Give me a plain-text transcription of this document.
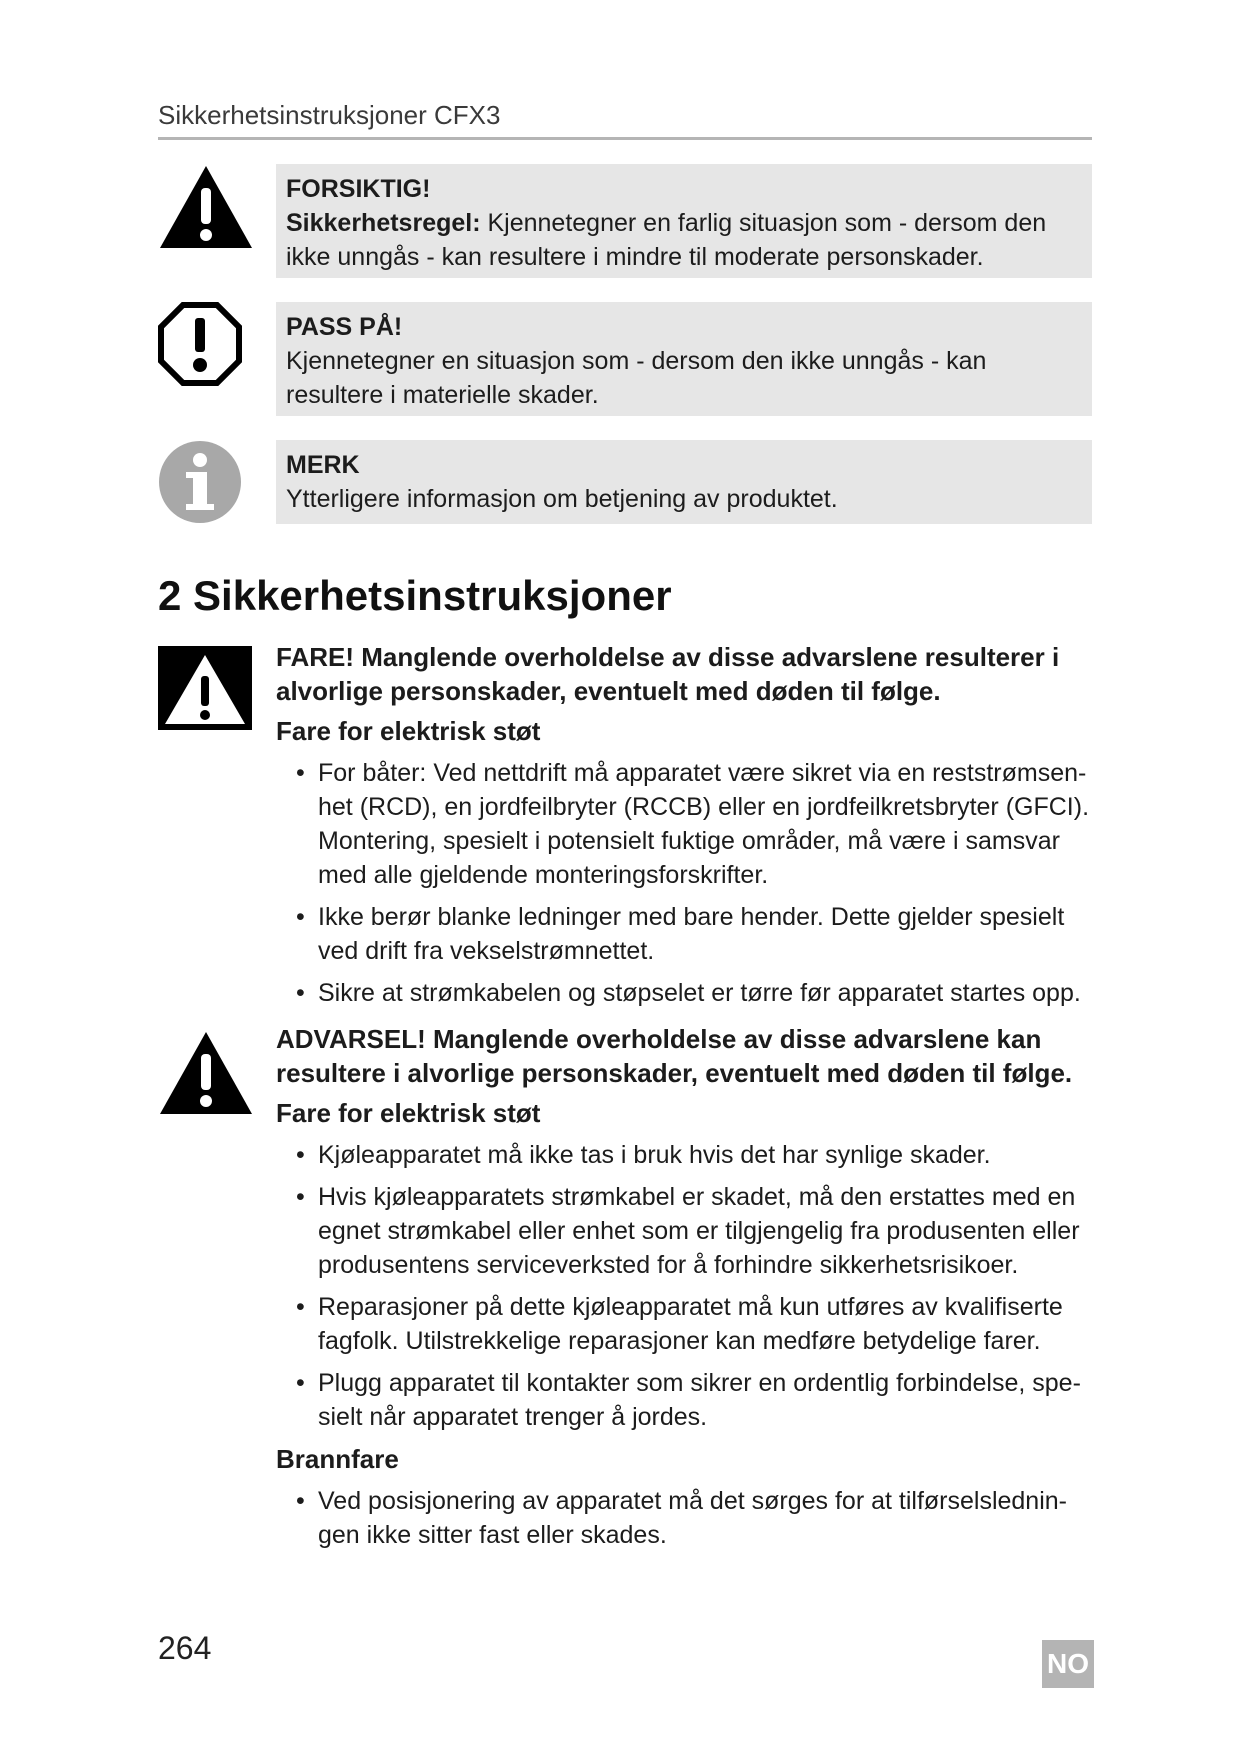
Sikkerhetsinstruksjoner CFX3
FORSIKTIG!
Sikkerhetsregel: Kjennetegner en farlig situasjon som - dersom den ikke unngås - kan resultere i mindre til moderate personskader.
PASS PÅ!
Kjennetegner en situasjon som - dersom den ikke unngås - kan resultere i materielle skader.
MERK
Ytterligere informasjon om betjening av produktet.
2 Sikkerhetsinstruksjoner

FARE! Manglende overholdelse av disse advarslene resulterer i alvorlige personskader, eventuelt med døden til følge.

Fare for elektrisk støt

• For båter: Ved nettdrift må apparatet være sikret via en reststrømsenhet (RCD), en jordfeilbryter (RCCB) eller en jordfeilkretsbryter (GFCI). Montering, spesielt i potensielt fuktige områder, må være i samsvar med alle gjeldende monteringsforskrifter.
• Ikke berør blanke ledninger med bare hender. Dette gjelder spesielt ved drift fra vekselstrømnettet.
• Sikre at strømkabelen og støpselet er tørre før apparatet startes opp.

ADVARSEL! Manglende overholdelse av disse advarslene kan resultere i alvorlige personskader, eventuelt med døden til følge.

Fare for elektrisk støt

• Kjøleapparatet må ikke tas i bruk hvis det har synlige skader.
• Hvis kjøleapparatets strømkabel er skadet, må den erstattes med en egnet strømkabel eller enhet som er tilgjengelig fra produsenten eller produsentens serviceverksted for å forhindre sikkerhetsrisikoer.
• Reparasjoner på dette kjøleapparatet må kun utføres av kvalifiserte fagfolk. Utilstrekkelige reparasjoner kan medføre betydelige farer.
• Plugg apparatet til kontakter som sikrer en ordentlig forbindelse, spesielt når apparatet trenger å jordes.

Brannfare

• Ved posisjonering av apparatet må det sørges for at tilførselsledningen ikke sitter fast eller skades.
264	NO
